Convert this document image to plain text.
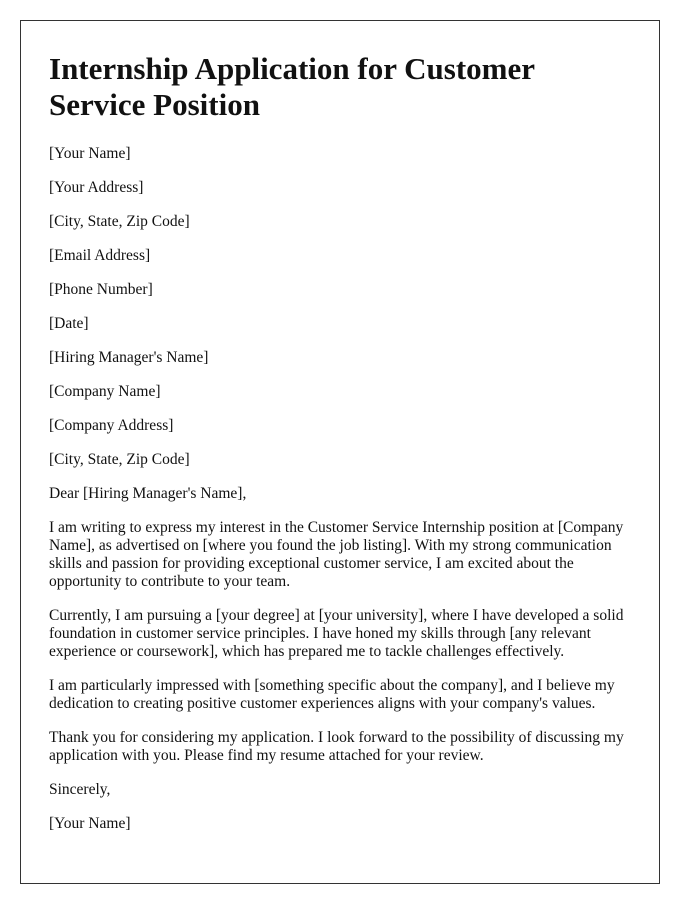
Internship Application for Customer Service Position
[Your Name]
[Your Address]
[City, State, Zip Code]
[Email Address]
[Phone Number]
[Date]
[Hiring Manager's Name]
[Company Name]
[Company Address]
[City, State, Zip Code]
Dear [Hiring Manager's Name],

I am writing to express my interest in the Customer Service Internship position at [Company Name], as advertised on [where you found the job listing]. With my strong communication skills and passion for providing exceptional customer service, I am excited about the opportunity to contribute to your team.

Currently, I am pursuing a [your degree] at [your university], where I have developed a solid foundation in customer service principles. I have honed my skills through [any relevant experience or coursework], which has prepared me to tackle challenges effectively.

I am particularly impressed with [something specific about the company], and I believe my dedication to creating positive customer experiences aligns with your company's values.

Thank you for considering my application. I look forward to the possibility of discussing my application with you. Please find my resume attached for your review.

Sincerely,
[Your Name]
